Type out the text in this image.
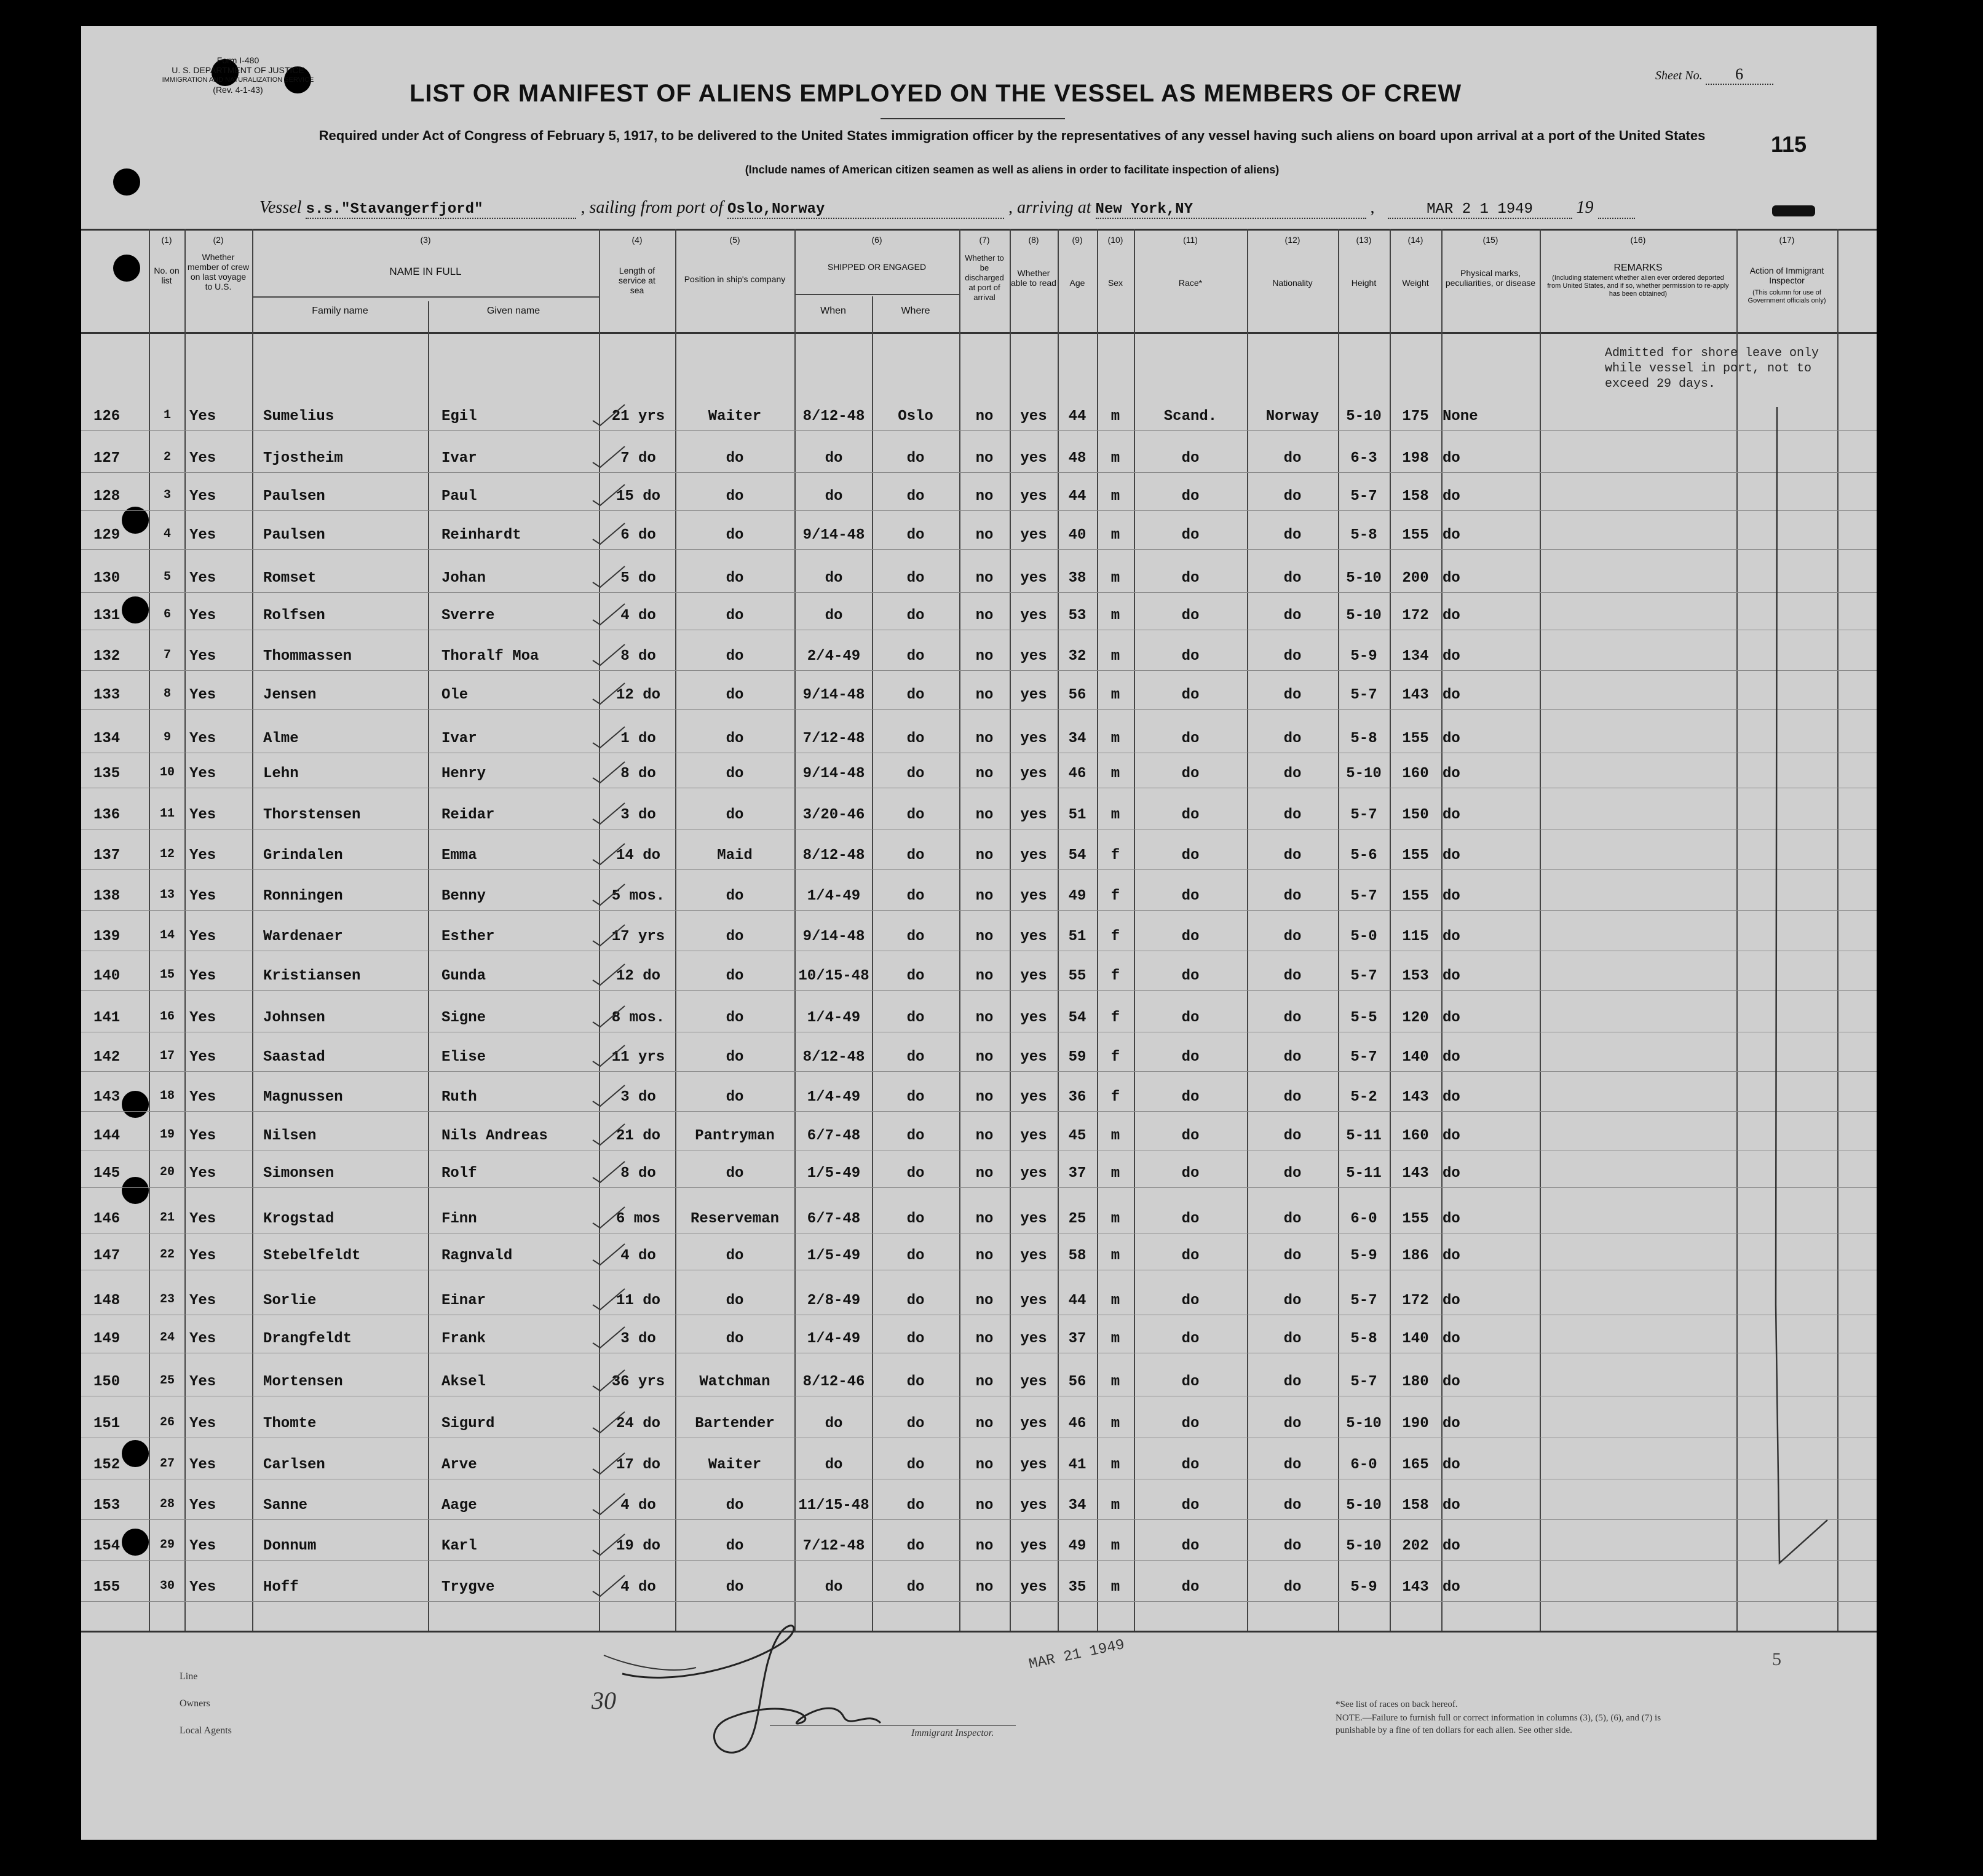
Form I-480
U. S. DEPARTMENT OF JUSTICE
IMMIGRATION AND NATURALIZATION SERVICE
(Rev. 4-1-43)
Sheet No. 6
LIST OR MANIFEST OF ALIENS EMPLOYED ON THE VESSEL AS MEMBERS OF CREW
Required under Act of Congress of February 5, 1917, to be delivered to the United States immigration officer by the representatives of any vessel having such aliens on board upon arrival at a port of the United States
(Include names of American citizen seamen as well as aliens in order to facilitate inspection of aliens)
115
Vessel s.s."Stavangerfjord"	, sailing from port of Oslo,Norway	, arriving at New York,NY	,	MAR 2 1 1949	19
(1)
No. on list
(2)
Whether member of crew on last voyage to U.S.
(3)
NAME IN FULL
Family name	Given name
(4)
Length of service at sea
(5)
Position in ship's company
(6)
SHIPPED OR ENGAGED
When	Where
(7)
Whether to be discharged at port of arrival
(8)
Whether able to read
(9)
Age
(10)
Sex
(11)
Race*
(12)
Nationality
(13)
Height
(14)
Weight
(15)
Physical marks, peculiarities, or disease
(16)
REMARKS
(Including statement whether alien ever ordered deported from United States, and if so, whether permission to re-apply has been obtained)
(17)
Action of Immigrant Inspector
(This column for use of Government officials only)
126	1	Yes	Sumelius	Egil	21 yrs	Waiter	8/12-48	Oslo	no	yes	44	m	Scand.	Norway	5-10	175 None
127	2	Yes	Tjostheim	Ivar	7 do	do	do	do	no	yes	48	m	do	do	6-3	198 do
128	3	Yes	Paulsen	Paul	15 do	do	do	do	no	yes	44	m	do	do	5-7	158 do
129	4	Yes	Paulsen	Reinhardt	6 do	do	9/14-48	do	no	yes	40	m	do	do	5-8	155 do
130	5	Yes	Romset	Johan	5 do	do	do	do	no	yes	38	m	do	do	5-10	200 do
131	6	Yes	Rolfsen	Sverre	4 do	do	do	do	no	yes	53	m	do	do	5-10	172 do
132	7	Yes	Thommassen	Thoralf Moa	8 do	do	2/4-49	do	no	yes	32	m	do	do	5-9	134 do
133	8	Yes	Jensen	Ole	12 do	do	9/14-48	do	no	yes	56	m	do	do	5-7	143 do
134	9	Yes	Alme	Ivar	1 do	do	7/12-48	do	no	yes	34	m	do	do	5-8	155 do
135	10	Yes	Lehn	Henry	8 do	do	9/14-48	do	no	yes	46	m	do	do	5-10	160 do
136	11	Yes	Thorstensen	Reidar	3 do	do	3/20-46	do	no	yes	51	m	do	do	5-7	150 do
137	12	Yes	Grindalen	Emma	14 do	Maid	8/12-48	do	no	yes	54	f	do	do	5-6	155 do
138	13	Yes	Ronningen	Benny	5 mos.	do	1/4-49	do	no	yes	49	f	do	do	5-7	155 do
139	14	Yes	Wardenaer	Esther	17 yrs	do	9/14-48	do	no	yes	51	f	do	do	5-0	115 do
140	15	Yes	Kristiansen	Gunda	12 do	do	10/15-48	do	no	yes	55	f	do	do	5-7	153 do
141	16	Yes	Johnsen	Signe	8 mos.	do	1/4-49	do	no	yes	54	f	do	do	5-5	120 do
142	17	Yes	Saastad	Elise	11 yrs	do	8/12-48	do	no	yes	59	f	do	do	5-7	140 do
143	18	Yes	Magnussen	Ruth	3 do	do	1/4-49	do	no	yes	36	f	do	do	5-2	143 do
144	19	Yes	Nilsen	Nils Andreas	21 do	Pantryman	6/7-48	do	no	yes	45	m	do	do	5-11	160 do
145	20	Yes	Simonsen	Rolf	8 do	do	1/5-49	do	no	yes	37	m	do	do	5-11	143 do
146	21	Yes	Krogstad	Finn	6 mos	Reserveman	6/7-48	do	no	yes	25	m	do	do	6-0	155 do
147	22	Yes	Stebelfeldt	Ragnvald	4 do	do	1/5-49	do	no	yes	58	m	do	do	5-9	186 do
148	23	Yes	Sorlie	Einar	11 do	do	2/8-49	do	no	yes	44	m	do	do	5-7	172 do
149	24	Yes	Drangfeldt	Frank	3 do	do	1/4-49	do	no	yes	37	m	do	do	5-8	140 do
150	25	Yes	Mortensen	Aksel	36 yrs	Watchman	8/12-46	do	no	yes	56	m	do	do	5-7	180 do
151	26	Yes	Thomte	Sigurd	24 do	Bartender	do	do	no	yes	46	m	do	do	5-10	190 do
152	27	Yes	Carlsen	Arve	17 do	Waiter	do	do	no	yes	41	m	do	do	6-0	165 do
153	28	Yes	Sanne	Aage	4 do	do	11/15-48	do	no	yes	34	m	do	do	5-10	158 do
154	29	Yes	Donnum	Karl	19 do	do	7/12-48	do	no	yes	49	m	do	do	5-10	202 do
155	30	Yes	Hoff	Trygve	4 do	do	do	do	no	yes	35	m	do	do	5-9	143 do
Admitted for shore leave only while vessel in port, not to exceed 29 days.
Line
Owners
Local Agents
30
Immigrant Inspector.
MAR 21 1949	5
*See list of races on back hereof.
NOTE.—Failure to furnish full or correct information in columns (3), (5), (6), and (7) is punishable by a fine of ten dollars for each alien. See other side.
